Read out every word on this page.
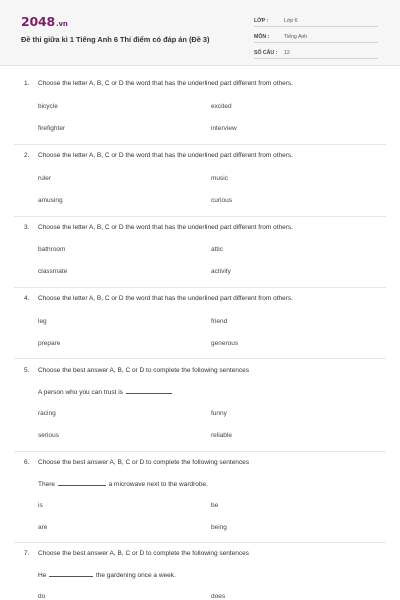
2048.vn
Đề thi giữa kì 1 Tiếng Anh 6 Thí điểm có đáp án (Đề 3)
LỚP :	Lớp 6
MÔN :	Tiếng Anh
SỐ CÂU :	12
1. Choose the letter A, B, C or D the word that has the underlined part different from others.
bicycle	excited
firefighter	interview
2. Choose the letter A, B, C or D the word that has the underlined part different from others.
ruler	music
amusing	curious
3. Choose the letter A, B, C or D the word that has the underlined part different from others.
bathroom	attic
classmate	activity
4. Choose the letter A, B, C or D the word that has the underlined part different from others.
leg	friend
prepare	generous
5. Choose the best answer A, B, C or D to complete the following sentences
A person who you can trust is
racing	funny
serious	reliable
6. Choose the best answer A, B, C or D to complete the following sentences
There	a microwave next to the wardrobe.
is	be
are	being
7. Choose the best answer A, B, C or D to complete the following sentences
He	the gardening once a week.
do	does
